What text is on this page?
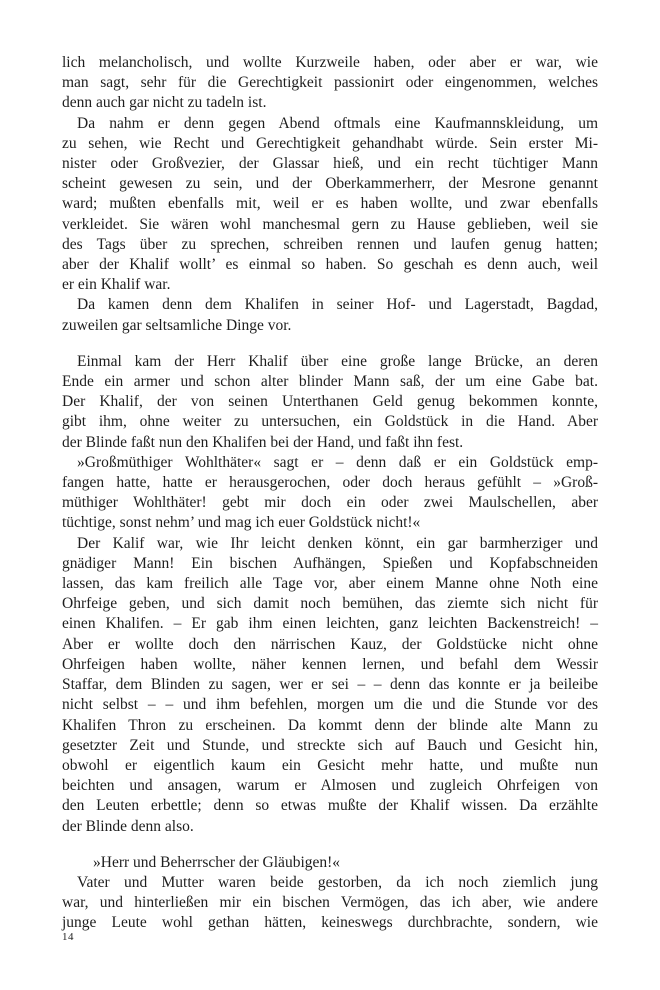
lich melancholisch, und wollte Kurzweile haben, oder aber er war, wie
man sagt, sehr für die Gerechtigkeit passionirt oder eingenommen, welches
denn auch gar nicht zu tadeln ist.
Da nahm er denn gegen Abend oftmals eine Kaufmannskleidung, um
zu sehen, wie Recht und Gerechtigkeit gehandhabt würde. Sein erster Mi-
nister oder Großvezier, der Glassar hieß, und ein recht tüchtiger Mann
scheint gewesen zu sein, und der Oberkammerherr, der Mesrone genannt
ward; mußten ebenfalls mit, weil er es haben wollte, und zwar ebenfalls
verkleidet. Sie wären wohl manchesmal gern zu Hause geblieben, weil sie
des Tags über zu sprechen, schreiben rennen und laufen genug hatten;
aber der Khalif wollt’ es einmal so haben. So geschah es denn auch, weil
er ein Khalif war.
Da kamen denn dem Khalifen in seiner Hof- und Lagerstadt, Bagdad,
zuweilen gar seltsamliche Dinge vor.
Einmal kam der Herr Khalif über eine große lange Brücke, an deren
Ende ein armer und schon alter blinder Mann saß, der um eine Gabe bat.
Der Khalif, der von seinen Unterthanen Geld genug bekommen konnte,
gibt ihm, ohne weiter zu untersuchen, ein Goldstück in die Hand. Aber
der Blinde faßt nun den Khalifen bei der Hand, und faßt ihn fest.
»Großmüthiger Wohlthäter« sagt er – denn daß er ein Goldstück emp-
fangen hatte, hatte er herausgerochen, oder doch heraus gefühlt – »Groß-
müthiger Wohlthäter! gebt mir doch ein oder zwei Maulschellen, aber
tüchtige, sonst nehm’ und mag ich euer Goldstück nicht!«
Der Kalif war, wie Ihr leicht denken könnt, ein gar barmherziger und
gnädiger Mann! Ein bischen Aufhängen, Spießen und Kopfabschneiden
lassen, das kam freilich alle Tage vor, aber einem Manne ohne Noth eine
Ohrfeige geben, und sich damit noch bemühen, das ziemte sich nicht für
einen Khalifen. – Er gab ihm einen leichten, ganz leichten Backenstreich! –
Aber er wollte doch den närrischen Kauz, der Goldstücke nicht ohne
Ohrfeigen haben wollte, näher kennen lernen, und befahl dem Wessir
Staffar, dem Blinden zu sagen, wer er sei – – denn das konnte er ja beileibe
nicht selbst – – und ihm befehlen, morgen um die und die Stunde vor des
Khalifen Thron zu erscheinen. Da kommt denn der blinde alte Mann zu
gesetzter Zeit und Stunde, und streckte sich auf Bauch und Gesicht hin,
obwohl er eigentlich kaum ein Gesicht mehr hatte, und mußte nun
beichten und ansagen, warum er Almosen und zugleich Ohrfeigen von
den Leuten erbettle; denn so etwas mußte der Khalif wissen. Da erzählte
der Blinde denn also.
»Herr und Beherrscher der Gläubigen!«
Vater und Mutter waren beide gestorben, da ich noch ziemlich jung
war, und hinterließen mir ein bischen Vermögen, das ich aber, wie andere
junge Leute wohl gethan hätten, keineswegs durchbrachte, sondern, wie
14
